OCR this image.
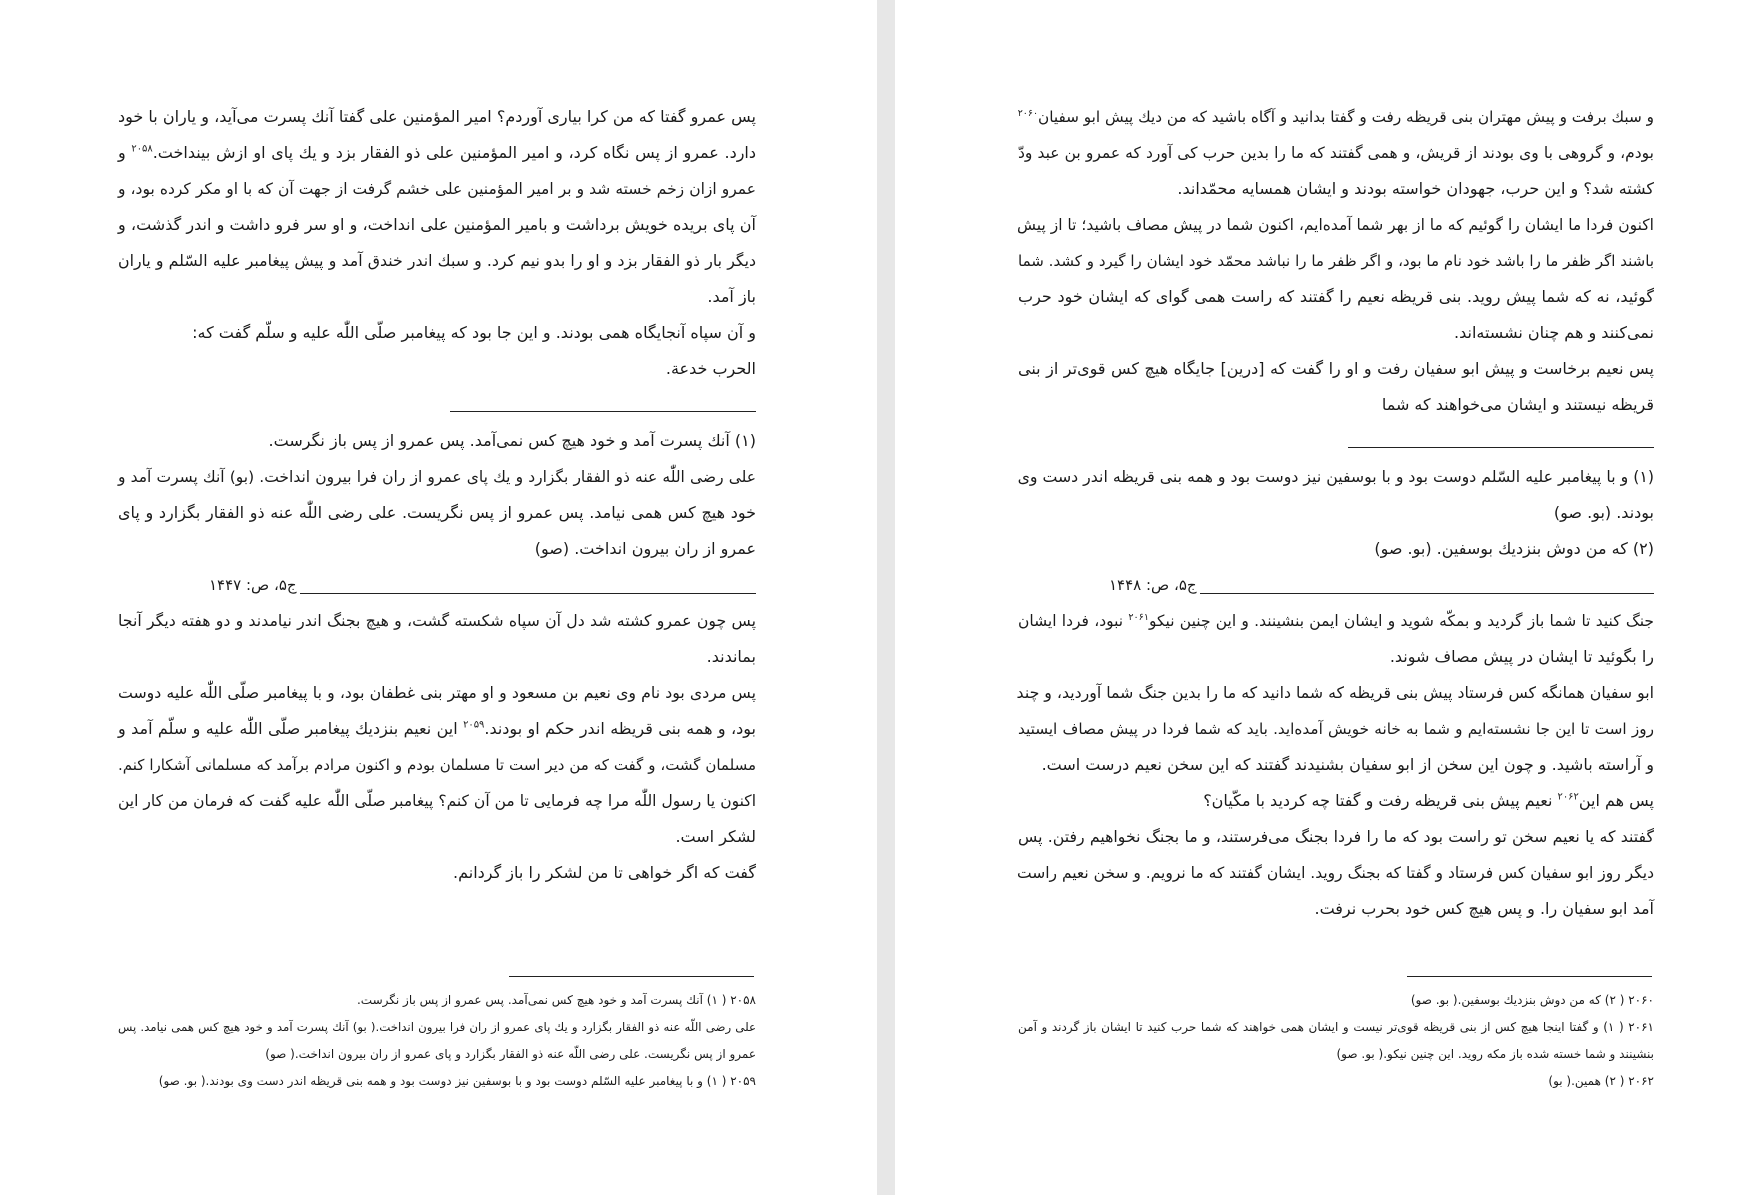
پس عمرو گفتا که من کرا بیاری آوردم؟ امیر المؤمنین علی گفتا آنك پسرت می‌آید، و یاران با خود
دارد. عمرو از پس نگاه کرد، و امیر المؤمنین علی ذو الفقار بزد و یك پای او ازش بینداخت.$^{۲۰۵۸}$ و
عمرو ازان زخم خسته شد و بر امیر المؤمنین علی خشم گرفت از جهت آن که با او مکر کرده بود، و
آن پای بریده خویش برداشت و بامیر المؤمنین علی انداخت، و او سر فرو داشت و اندر گذشت، و
دیگر بار ذو الفقار بزد و او را بدو نیم کرد. و سبك اندر خندق آمد و پیش پیغامبر علیه السّلم و یاران
باز آمد.
و آن سپاه آنجایگاه همی بودند. و این جا بود که پیغامبر صلّی اللّٰه علیه و سلّم گفت که:
الحرب خدعة.
(۱) آنك پسرت آمد و خود هیچ کس نمی‌آمد. پس عمرو از پس باز نگرست.
علی رضی اللّٰه عنه ذو الفقار بگزارد و یك پای عمرو از ران فرا بیرون انداخت. (بو) آنك پسرت آمد و
خود هیچ کس همی نیامد. پس عمرو از پس نگریست. علی رضی اللّٰه عنه ذو الفقار بگزارد و پای
عمرو از ران بیرون انداخت. (صو)
ج۵، ص: ۱۴۴۷
پس چون عمرو کشته شد دل آن سپاه شکسته گشت، و هیچ بجنگ اندر نیامدند و دو هفته دیگر آنجا
بماندند.
پس مردی بود نام وی نعیم بن مسعود و او مهتر بنی غطفان بود، و با پیغامبر صلّی اللّٰه علیه دوست
بود، و همه بنی قریظه اندر حکم او بودند.$^{۲۰۵۹}$ این نعیم بنزدیك پیغامبر صلّی اللّٰه علیه و سلّم آمد و
مسلمان گشت، و گفت که من دیر است تا مسلمان بودم و اکنون مرادم برآمد که مسلمانی آشکارا کنم.
اکنون یا رسول اللّٰه مرا چه فرمایی تا من آن کنم؟ پیغامبر صلّی اللّٰه علیه گفت که فرمان من کار این
لشکر است.
گفت که اگر خواهی تا من لشکر را باز گردانم.
۲۰۵۸ ( ۱) آنك پسرت آمد و خود هیچ کس نمی‌آمد. پس عمرو از پس باز نگرست.
علی رضی اللّه عنه ذو الفقار بگزارد و یك پای عمرو از ران فرا بیرون انداخت.( بو) آنك پسرت آمد و خود هیچ کس همی نیامد. پس
عمرو از پس نگریست. علی رضی اللّه عنه ذو الفقار بگزارد و پای عمرو از ران بیرون انداخت.( صو)
۲۰۵۹ ( ۱) و با پیغامبر علیه السّلم دوست بود و با بوسفین نیز دوست بود و همه بنی قریظه اندر دست وی بودند.( بو. صو)
و سبك برفت و پیش مهتران بنی قریظه رفت و گفتا بدانید و آگاه باشید که من دیك پیش ابو سفیان$^{۲۰۶۰}$
بودم، و گروهی با وی بودند از قریش، و همی گفتند که ما را بدین حرب کی آورد که عمرو بن عبد ودّ
کشته شد؟ و این حرب، جهودان خواسته بودند و ایشان همسایه محمّداند.
اکنون فردا ما ایشان را گوئیم که ما از بهر شما آمده‌ایم، اکنون شما در پیش مصاف باشید؛ تا از پیش
باشند اگر ظفر ما را باشد خود نام ما بود، و اگر ظفر ما را نباشد محمّد خود ایشان را گیرد و کشد. شما
گوئید، نه که شما پیش روید. بنی قریظه نعیم را گفتند که راست همی گوای که ایشان خود حرب
نمی‌کنند و هم چنان نشسته‌اند.
پس نعیم برخاست و پیش ابو سفیان رفت و او را گفت که [درین] جایگاه هیچ کس قوی‌تر از بنی
قریظه نیستند و ایشان می‌خواهند که شما
(۱) و با پیغامبر علیه السّلم دوست بود و با بوسفین نیز دوست بود و همه بنی قریظه اندر دست وی
بودند. (بو. صو)
(۲) که من دوش بنزدیك بوسفین. (بو. صو)
ج۵، ص: ۱۴۴۸
جنگ کنید تا شما باز گردید و بمکّه شوید و ایشان ایمن بنشینند. و این چنین نیکو$^{۲۰۶۱}$ نبود، فردا ایشان
را بگوئید تا ایشان در پیش مصاف شوند.
ابو سفیان همانگه کس فرستاد پیش بنی قریظه که شما دانید که ما را بدین جنگ شما آوردید، و چند
روز است تا این جا نشسته‌ایم و شما به خانه خویش آمده‌اید. باید که شما فردا در پیش مصاف ایستید
و آراسته باشید. و چون این سخن از ابو سفیان بشنیدند گفتند که این سخن نعیم درست است.
پس هم این$^{۲۰۶۲}$ نعیم پیش بنی قریظه رفت و گفتا چه کردید با مکّیان؟
گفتند که یا نعیم سخن تو راست بود که ما را فردا بجنگ می‌فرستند، و ما بجنگ نخواهیم رفتن. پس
دیگر روز ابو سفیان کس فرستاد و گفتا که بجنگ روید. ایشان گفتند که ما نرویم. و سخن نعیم راست
آمد ابو سفیان را. و پس هیچ کس خود بحرب نرفت.
۲۰۶۰ ( ۲) که من دوش بنزدیك بوسفین.( بو. صو)
۲۰۶۱ ( ۱) و گفتا اینجا هیچ کس از بنی قریظه قوی‌تر نیست و ایشان همی خواهند که شما حرب کنید تا ایشان باز گردند و آمن
بنشینند و شما خسته شده باز مکه روید. این چنین نیکو.( بو. صو)
۲۰۶۲ ( ۲) همین.( بو)
